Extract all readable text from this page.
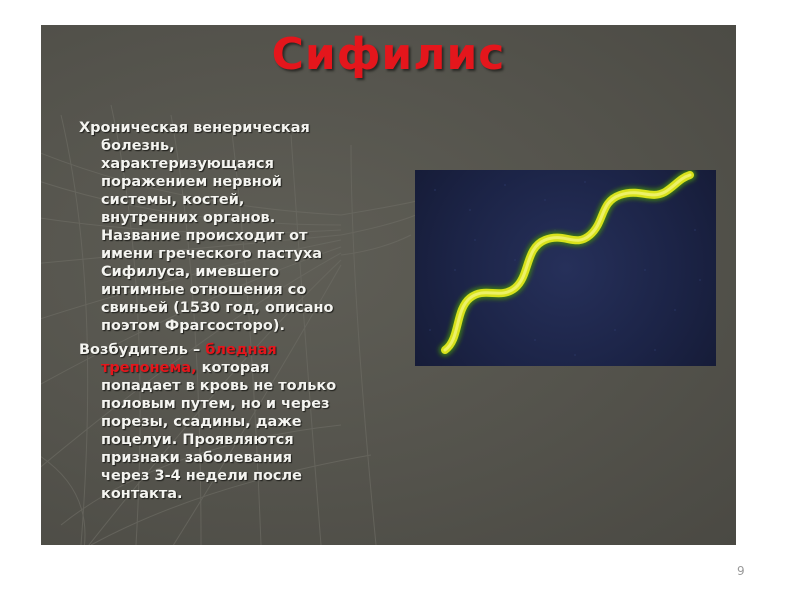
Сифилис

Хроническая венерическая
болезнь,
характеризующаяся
поражением нервной
системы, костей,
внутренних органов.
Название происходит от
имени греческого пастуха
Сифилуса, имевшего
интимные отношения со
свиньей (1530 год, описано
поэтом Фрагсосторо).

Возбудитель – бледная
трепонема, которая
попадает в кровь не только
половым путем, но и через
порезы, ссадины, даже
поцелуи. Проявляются
признаки заболевания
через 3-4 недели после
контакта.

9
